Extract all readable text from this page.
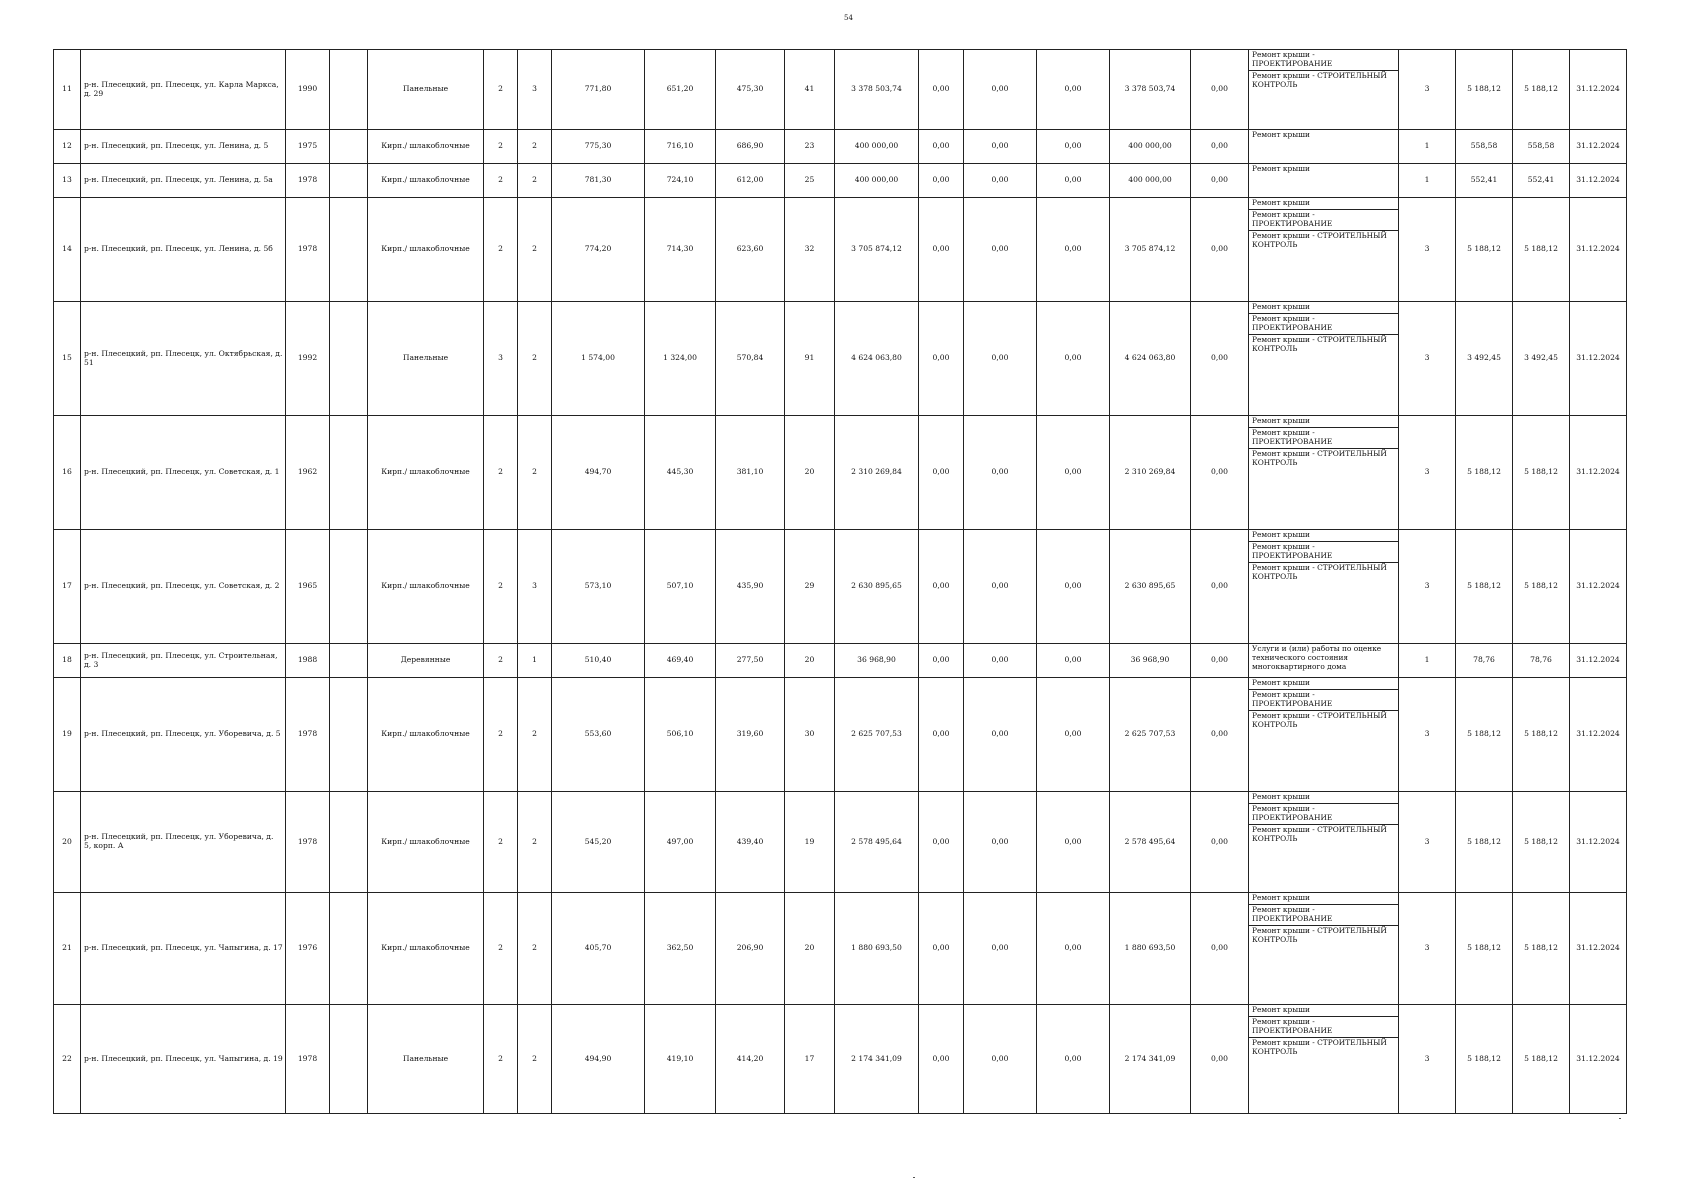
54
11	р-н. Плесецкий, рп. Плесецк, ул. Карла Маркса, д. 29	1990		Панельные	2	3	771,80	651,20	475,30	41	3 378 503,74	0,00	0,00	0,00	3 378 503,74	0,00	Ремонт крыши - ПРОЕКТИРОВАНИЕ
Ремонт крыши - СТРОИТЕЛЬНЫЙ КОНТРОЛЬ	3	5 188,12	5 188,12	31.12.2024
12	р-н. Плесецкий, рп. Плесецк, ул. Ленина, д. 5	1975		Кирп./ шлакоблочные	2	2	775,30	716,10	686,90	23	400 000,00	0,00	0,00	0,00	400 000,00	0,00	Ремонт крыши	1	558,58	558,58	31.12.2024
13	р-н. Плесецкий, рп. Плесецк, ул. Ленина, д. 5а	1978		Кирп./ шлакоблочные	2	2	781,30	724,10	612,00	25	400 000,00	0,00	0,00	0,00	400 000,00	0,00	Ремонт крыши	1	552,41	552,41	31.12.2024
14	р-н. Плесецкий, рп. Плесецк, ул. Ленина, д. 5б	1978		Кирп./ шлакоблочные	2	2	774,20	714,30	623,60	32	3 705 874,12	0,00	0,00	0,00	3 705 874,12	0,00	Ремонт крыши
Ремонт крыши - ПРОЕКТИРОВАНИЕ
Ремонт крыши - СТРОИТЕЛЬНЫЙ КОНТРОЛЬ	3	5 188,12	5 188,12	31.12.2024
15	р-н. Плесецкий, рп. Плесецк, ул. Октябрьская, д. 51	1992		Панельные	3	2	1 574,00	1 324,00	570,84	91	4 624 063,80	0,00	0,00	0,00	4 624 063,80	0,00	Ремонт крыши
Ремонт крыши - ПРОЕКТИРОВАНИЕ
Ремонт крыши - СТРОИТЕЛЬНЫЙ КОНТРОЛЬ	3	3 492,45	3 492,45	31.12.2024
16	р-н. Плесецкий, рп. Плесецк, ул. Советская, д. 1	1962		Кирп./ шлакоблочные	2	2	494,70	445,30	381,10	20	2 310 269,84	0,00	0,00	0,00	2 310 269,84	0,00	Ремонт крыши
Ремонт крыши - ПРОЕКТИРОВАНИЕ
Ремонт крыши - СТРОИТЕЛЬНЫЙ КОНТРОЛЬ	3	5 188,12	5 188,12	31.12.2024
17	р-н. Плесецкий, рп. Плесецк, ул. Советская, д. 2	1965		Кирп./ шлакоблочные	2	3	573,10	507,10	435,90	29	2 630 895,65	0,00	0,00	0,00	2 630 895,65	0,00	Ремонт крыши
Ремонт крыши - ПРОЕКТИРОВАНИЕ
Ремонт крыши - СТРОИТЕЛЬНЫЙ КОНТРОЛЬ	3	5 188,12	5 188,12	31.12.2024
18	р-н. Плесецкий, рп. Плесецк, ул. Строительная, д. 3	1988		Деревянные	2	1	510,40	469,40	277,50	20	36 968,90	0,00	0,00	0,00	36 968,90	0,00	Услуги и (или) работы по оценке технического состояния многоквартирного дома	1	78,76	78,76	31.12.2024
19	р-н. Плесецкий, рп. Плесецк, ул. Уборевича, д. 5	1978		Кирп./ шлакоблочные	2	2	553,60	506,10	319,60	30	2 625 707,53	0,00	0,00	0,00	2 625 707,53	0,00	Ремонт крыши
Ремонт крыши - ПРОЕКТИРОВАНИЕ
Ремонт крыши - СТРОИТЕЛЬНЫЙ КОНТРОЛЬ	3	5 188,12	5 188,12	31.12.2024
20	р-н. Плесецкий, рп. Плесецк, ул. Уборевича, д. 5, корп. А	1978		Кирп./ шлакоблочные	2	2	545,20	497,00	439,40	19	2 578 495,64	0,00	0,00	0,00	2 578 495,64	0,00	Ремонт крыши
Ремонт крыши - ПРОЕКТИРОВАНИЕ
Ремонт крыши - СТРОИТЕЛЬНЫЙ КОНТРОЛЬ	3	5 188,12	5 188,12	31.12.2024
21	р-н. Плесецкий, рп. Плесецк, ул. Чапыгина, д. 17	1976		Кирп./ шлакоблочные	2	2	405,70	362,50	206,90	20	1 880 693,50	0,00	0,00	0,00	1 880 693,50	0,00	Ремонт крыши
Ремонт крыши - ПРОЕКТИРОВАНИЕ
Ремонт крыши - СТРОИТЕЛЬНЫЙ КОНТРОЛЬ	3	5 188,12	5 188,12	31.12.2024
22	р-н. Плесецкий, рп. Плесецк, ул. Чапыгина, д. 19	1978		Панельные	2	2	494,90	419,10	414,20	17	2 174 341,09	0,00	0,00	0,00	2 174 341,09	0,00	Ремонт крыши
Ремонт крыши - ПРОЕКТИРОВАНИЕ
Ремонт крыши - СТРОИТЕЛЬНЫЙ КОНТРОЛЬ	3	5 188,12	5 188,12	31.12.2024
